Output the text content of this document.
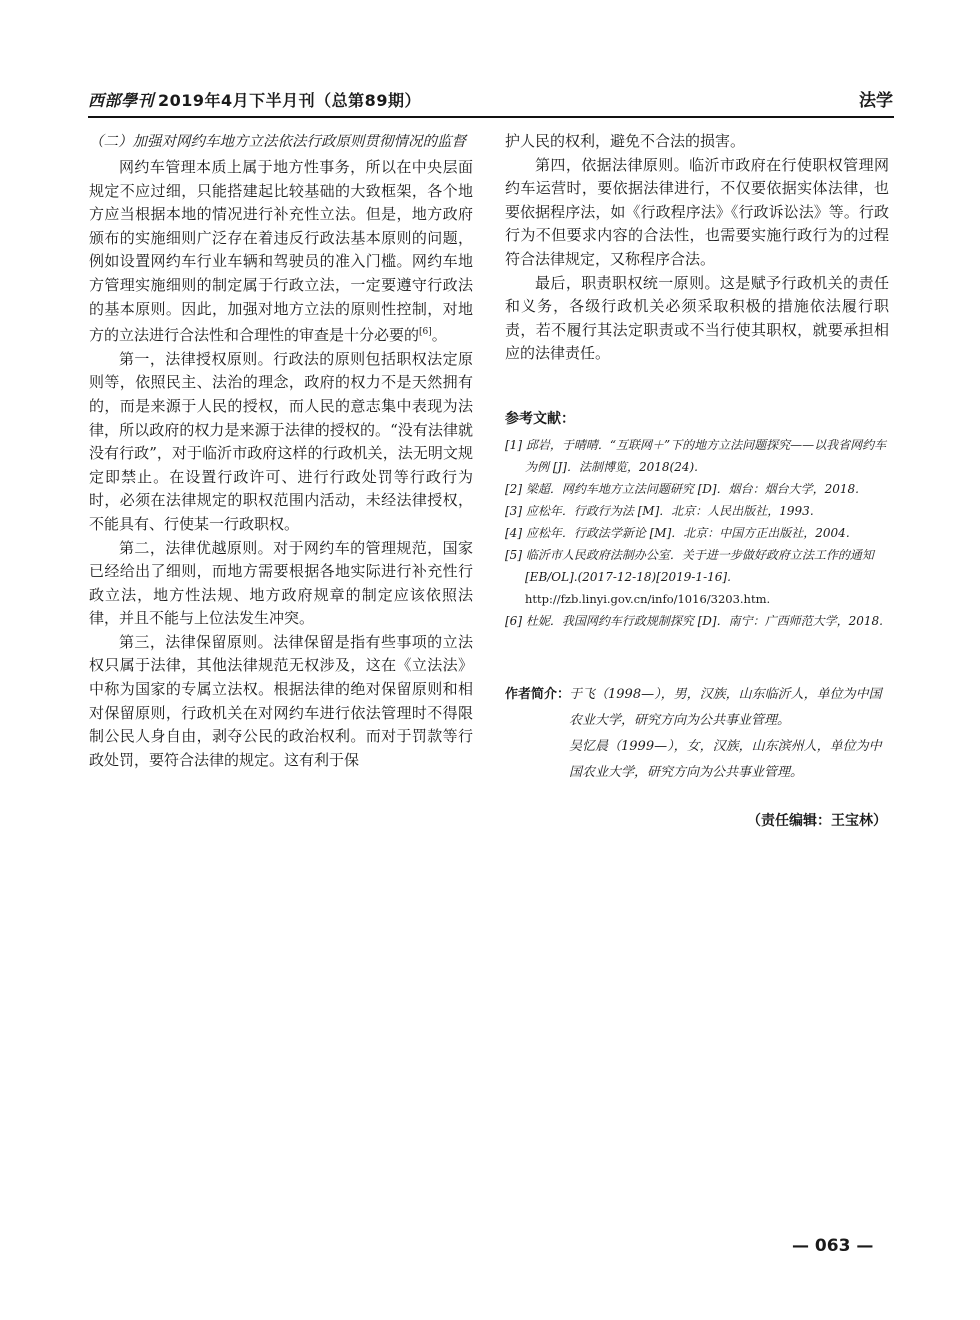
西部學刊 2019年4月下半月刊（总第89期）	法学

（二）加强对网约车地方立法依法行政原则贯彻情况的监督

网约车管理本质上属于地方性事务，所以在中央层面规定不应过细，只能搭建起比较基础的大致框架，各个地方应当根据本地的情况进行补充性立法。但是，地方政府颁布的实施细则广泛存在着违反行政法基本原则的问题，例如设置网约车行业车辆和驾驶员的准入门槛。网约车地方管理实施细则的制定属于行政立法，一定要遵守行政法的基本原则。因此，加强对地方立法的原则性控制，对地方的立法进行合法性和合理性的审查是十分必要的[6]。

第一，法律授权原则。行政法的原则包括职权法定原则等，依照民主、法治的理念，政府的权力不是天然拥有的，而是来源于人民的授权，而人民的意志集中表现为法律，所以政府的权力是来源于法律的授权的。“没有法律就没有行政”，对于临沂市政府这样的行政机关，法无明文规定即禁止。在设置行政许可、进行行政处罚等行政行为时，必须在法律规定的职权范围内活动，未经法律授权，不能具有、行使某一行政职权。

第二，法律优越原则。对于网约车的管理规范，国家已经给出了细则，而地方需要根据各地实际进行补充性行政立法，地方性法规、地方政府规章的制定应该依照法律，并且不能与上位法发生冲突。

第三，法律保留原则。法律保留是指有些事项的立法权只属于法律，其他法律规范无权涉及，这在《立法法》中称为国家的专属立法权。根据法律的绝对保留原则和相对保留原则，行政机关在对网约车进行依法管理时不得限制公民人身自由，剥夺公民的政治权利。而对于罚款等行政处罚，要符合法律的规定。这有利于保

护人民的权利，避免不合法的损害。

第四，依据法律原则。临沂市政府在行使职权管理网约车运营时，要依据法律进行，不仅要依据实体法律，也要依据程序法，如《行政程序法》《行政诉讼法》等。行政行为不但要求内容的合法性，也需要实施行政行为的过程符合法律规定，又称程序合法。

最后，职责职权统一原则。这是赋予行政机关的责任和义务，各级行政机关必须采取积极的措施依法履行职责，若不履行其法定职责或不当行使其职权，就要承担相应的法律责任。

参考文献：

[1] 邱岩，于晴晴．“互联网＋”下的地方立法问题探究——以我省网约车为例 [J]．法制博览，2018(24).

[2] 梁超．网约车地方立法问题研究 [D]．烟台：烟台大学，2018.

[3] 应松年．行政行为法 [M]．北京：人民出版社，1993.

[4] 应松年．行政法学新论 [M]．北京：中国方正出版社，2004.

[5] 临沂市人民政府法制办公室．关于进一步做好政府立法工作的通知 [EB/OL].(2017-12-18)[2019-1-16].
http://fzb.linyi.gov.cn/info/1016/3203.htm.

[6] 杜妮．我国网约车行政规制探究 [D]．南宁：广西师范大学，2018.

作者简介：
于飞（1998—），男，汉族，山东临沂人，单位为中国农业大学，研究方向为公共事业管理。
吴忆晨（1999—），女，汉族，山东滨州人，单位为中国农业大学，研究方向为公共事业管理。
（责任编辑：王宝林）
— 063 —
